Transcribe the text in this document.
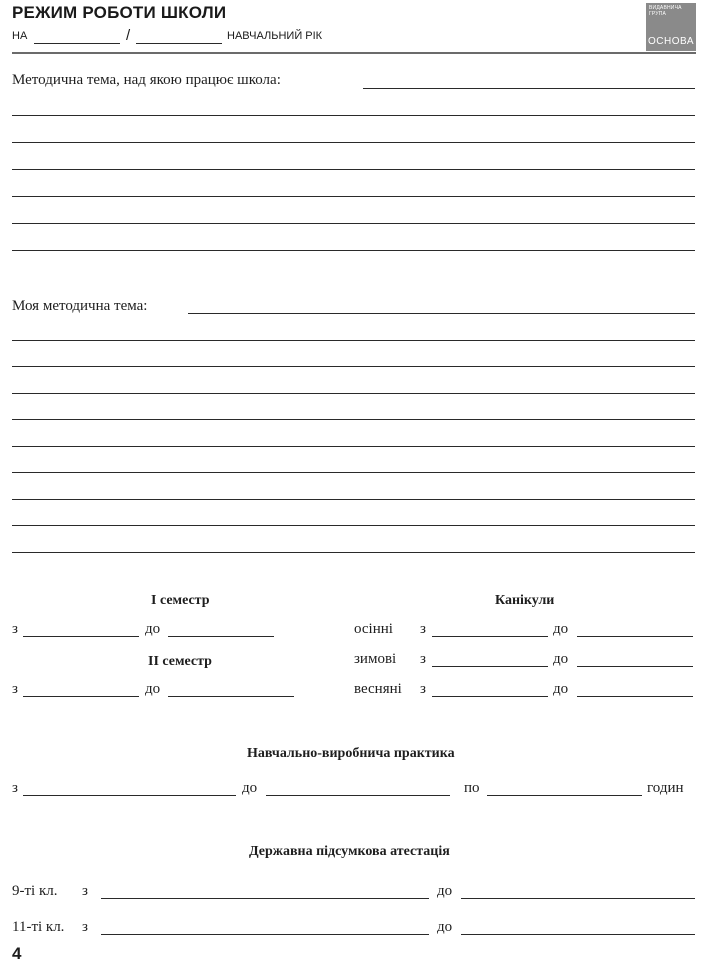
РЕЖИМ РОБОТИ ШКОЛИ
НА	/	НАВЧАЛЬНИЙ РІК
ВИДАВНИЧА
ГРУПА
ОСНОВА
Методична тема, над якою працює школа:
Моя методична тема:
I семестр
з	до
II семестр
з	до
Канікули
осінні з	до
зимові з	до
весняні з	до
Навчально-виробнича практика
з	до	по	годин
Державна підсумкова атестація
9-ті кл. з	до
11-ті кл. з	до
4
